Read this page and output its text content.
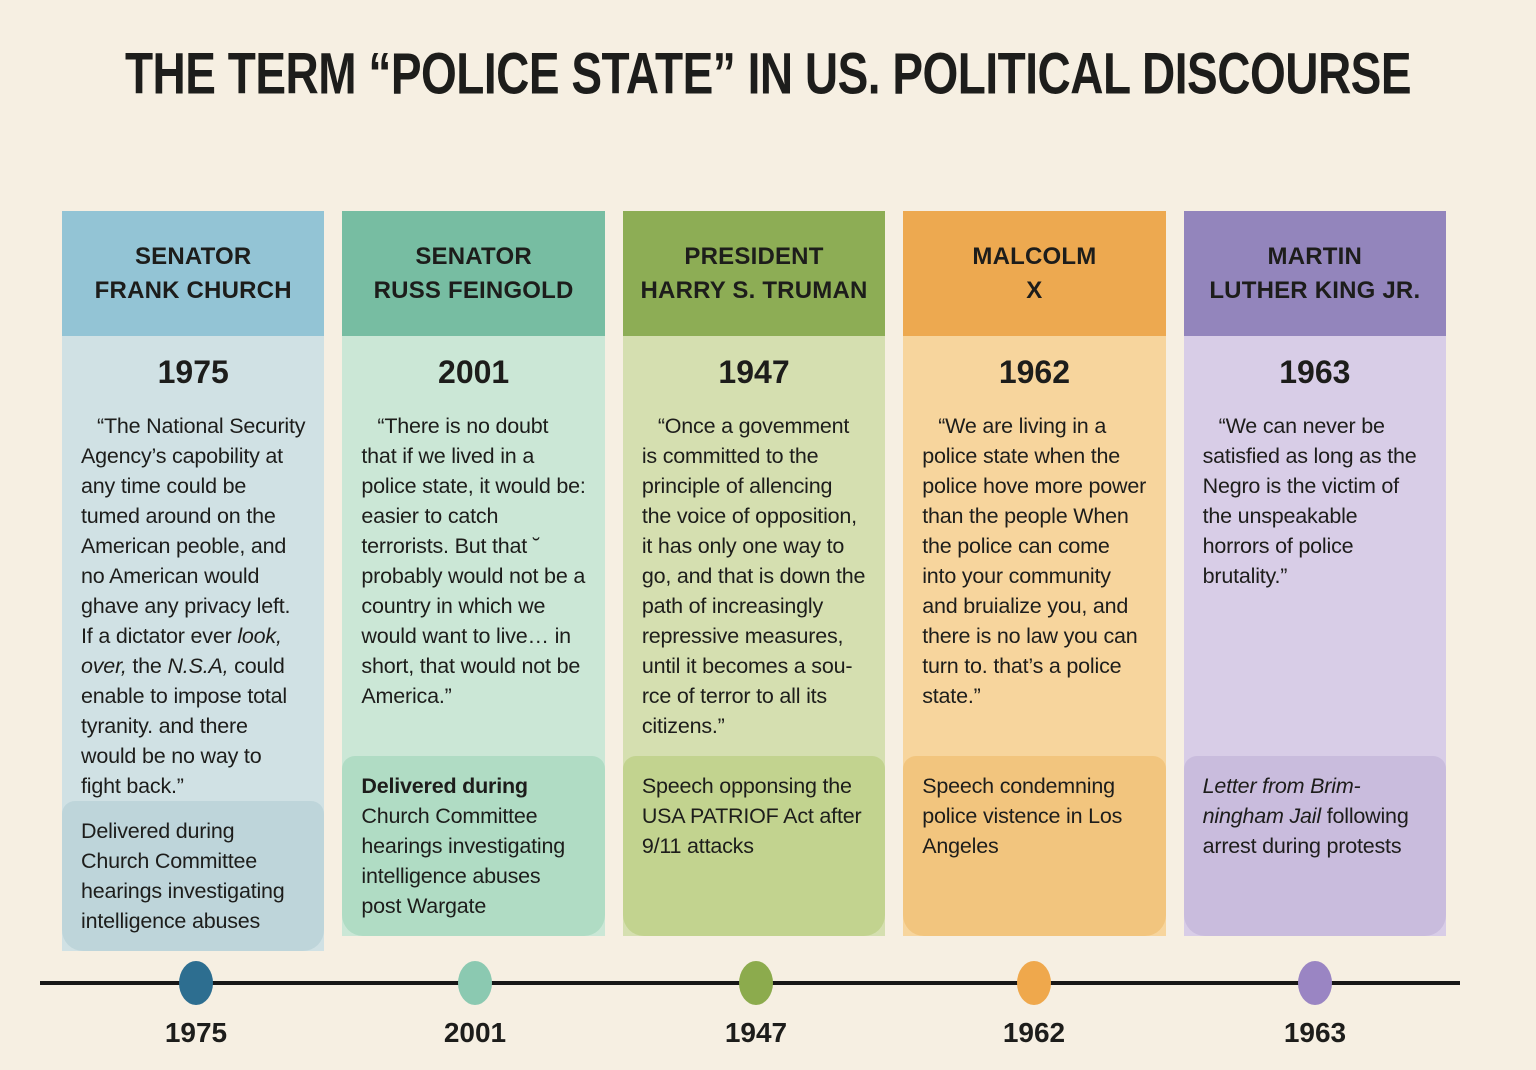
THE TERM “POLICE STATE” IN US. POLITICAL DISCOURSE
SENATOR
FRANK CHURCH
1975

“The National Security Agency’s capobility at any time could be tumed around on the American peoble, and no American would ghave any privacy left. If a dictator ever look, over, the N.S.A, could enable to impose total tyranity. and there would be no way to fight back.”

Delivered during Church Committee hearings investigating intelligence abuses
SENATOR
RUSS FEINGOLD
2001

“There is no doubt that if we lived in a police state, it would be: easier to catch terrorists. But that ˘ probably would not be a country in which we would want to live… in short, that would not be America.”

Delivered during
Church Committee hearings investigating intelligence abuses post Wargate
PRESIDENT
HARRY S. TRUMAN
1947

“Once a govemment is committed to the principle of allencing the voice of opposition, it has only one way to go, and that is down the path of increasingly repressive measures, until it becomes a sou-rce of terror to all its citizens.”

Speech opponsing the USA PATRIOF Act after 9/11 attacks
MALCOLM
X
1962

“We are living in a police state when the police hove more power than the people When the police can come into your community and bruialize you, and there is no law you can turn to. that’s a police state.”

Speech condemning police vistence in Los Angeles
MARTIN
LUTHER KING JR.
1963

“We can never be satisfied as long as the Negro is the victim of the unspeakable horrors of police brutality.”

Letter from Brim-ningham Jail following arrest during protests
1975	2001	1947	1962	1963
